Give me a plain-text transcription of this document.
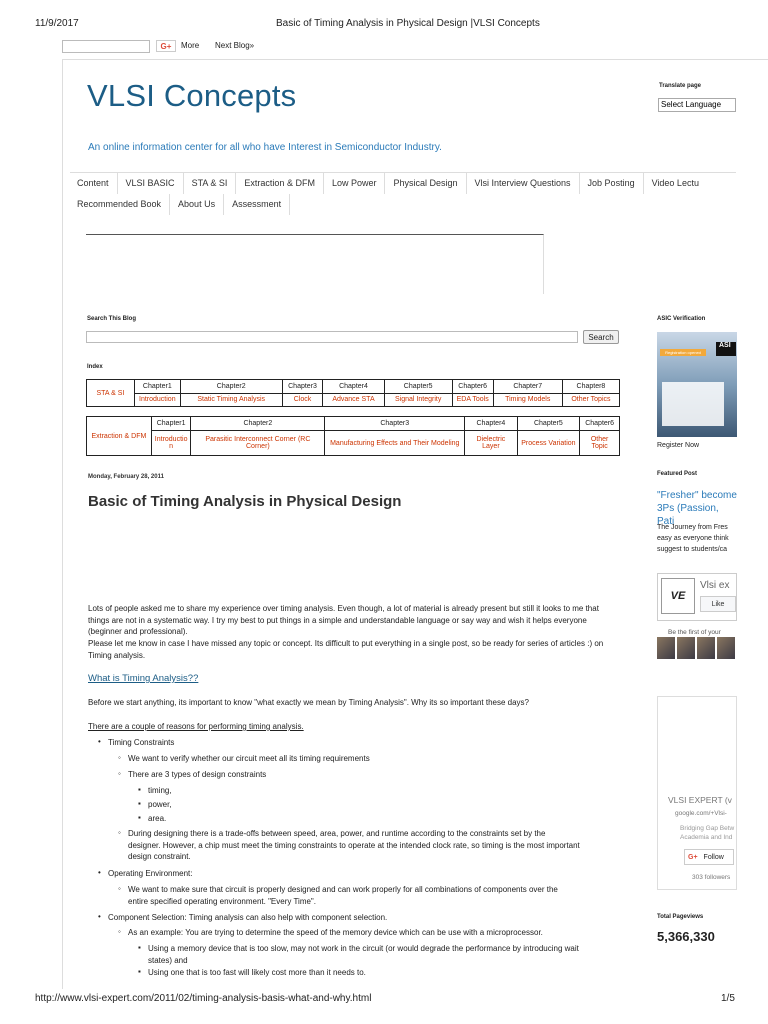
11/9/2017	Basic of Timing Analysis in Physical Design |VLSI Concepts
G+	More Next Blog»
VLSI Concepts
An online information center for all who have Interest in Semiconductor Industry.
Translate page
Select Language
Content	VLSI BASIC	STA & SI	Extraction & DFM	Low Power	Physical Design	Vlsi Interview Questions	Job Posting	Video Lectu
Recommended Book	About Us	Assessment
Search This Blog
Search
Index
STA & SI	Chapter1	Chapter2	Chapter3	Chapter4	Chapter5	Chapter6	Chapter7	Chapter8
	Introduction	Static Timing Analysis	Clock	Advance STA	Signal Integrity	EDA Tools	Timing Models	Other Topics
Extraction & DFM	Chapter1	Chapter2	Chapter3	Chapter4	Chapter5	Chapter6
	Introductio n	Parasitic Interconnect Corner (RC Corner)	Manufacturing Effects and Their Modeling	Dielectric Layer	Process Variation	Other Topic
Monday, February 28, 2011
Basic of Timing Analysis in Physical Design
Lots of people asked me to share my experience over timing analysis. Even though, a lot of material is already present but still it looks to me that things are not in a systematic way. I try my best to put things in a simple and understandable language or say way and wish it helps everyone (beginner and professional).
Please let me know in case I have missed any topic or concept. Its difficult to put everything in a single post, so be ready for series of articles :) on Timing analysis.
What is Timing Analysis??
Before we start anything, its important to know "what exactly we mean by Timing Analysis". Why its so important these days?
There are a couple of reasons for performing timing analysis.
• Timing Constraints
◦ We want to verify whether our circuit meet all its timing requirements
◦ There are 3 types of design constraints
▪ timing,
▪ power,
▪ area.
◦ During designing there is a trade-offs between speed, area, power, and runtime according to the constraints set by the designer. However, a chip must meet the timing constraints to operate at the intended clock rate, so timing is the most important design constraint.
• Operating Environment:
◦ We want to make sure that circuit is properly designed and can work properly for all combinations of components over the entire specified operating environment. "Every Time".
• Component Selection: Timing analysis can also help with component selection.
◦ As an example: You are trying to determine the speed of the memory device which can be use with a microprocessor.
▪ Using a memory device that is too slow, may not work in the circuit (or would degrade the performance by introducing wait states) and
▪ Using one that is too fast will likely cost more than it needs to.
ASIC Verification
Registration opened
ASI
Register Now
Featured Post
"Fresher" become 3Ps (Passion, Pati
The Journey from Fres easy as everyone think suggest to students/ca
VE
Vlsi ex
Like
Be the first of your
VLSI EXPERT (v
google.com/+Vlsi-
Bridging Gap Betw Academia and Ind
G+ Follow
303 followers
Total Pageviews
5,366,330
http://www.vlsi-expert.com/2011/02/timing-analysis-basis-what-and-why.html	1/5
